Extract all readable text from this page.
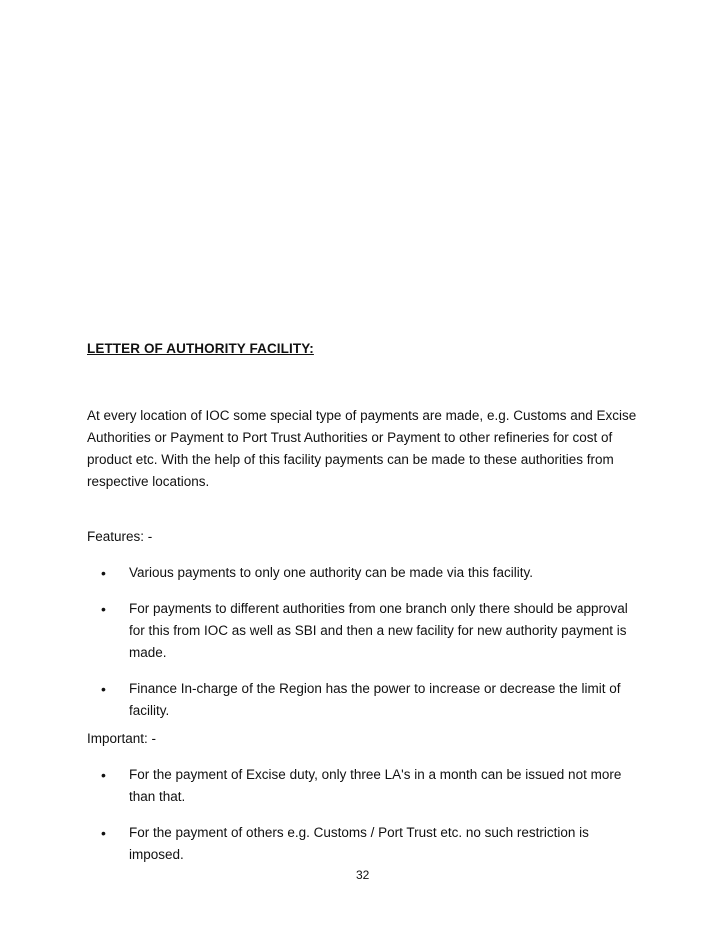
LETTER OF AUTHORITY FACILITY:
At every location of IOC some special type of payments are made, e.g. Customs and Excise Authorities or Payment to Port Trust Authorities or Payment to other refineries for cost of product etc. With the help of this facility payments can be made to these authorities from respective locations.
Features: -
• Various payments to only one authority can be made via this facility.
• For payments to different authorities from one branch only there should be approval for this from IOC as well as SBI and then a new facility for new authority payment is made.
• Finance In-charge of the Region has the power to increase or decrease the limit of facility.
Important: -
• For the payment of Excise duty, only three LA's in a month can be issued not more than that.
• For the payment of others e.g. Customs / Port Trust etc. no such restriction is imposed.
32
